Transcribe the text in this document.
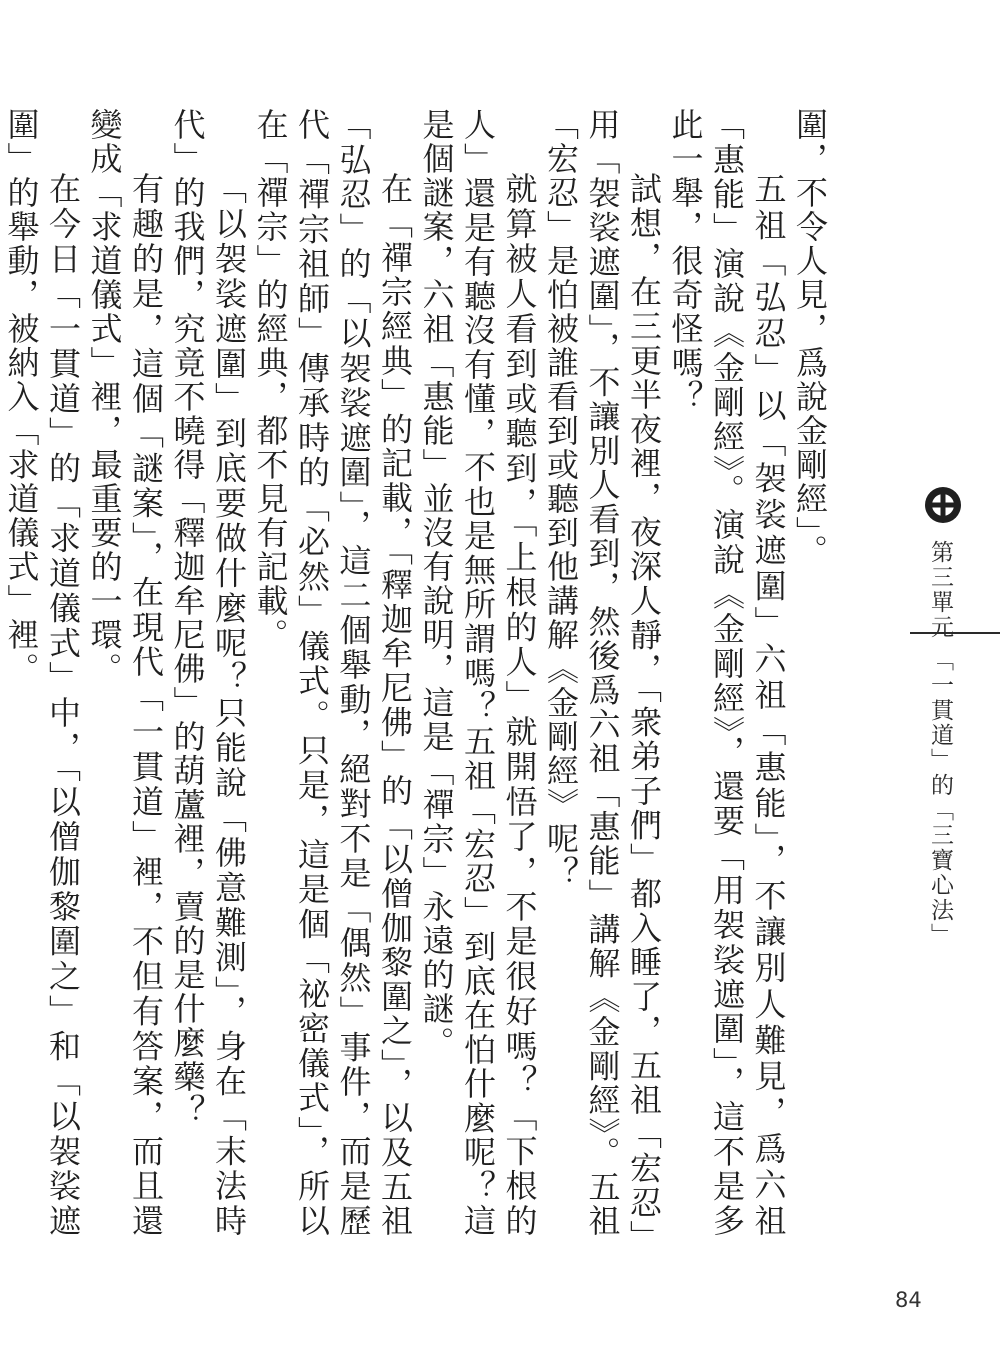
圍，不令人見，爲說金剛經」。

五祖「弘忍」以「袈裟遮圍」六祖「惠能」，不讓別人難見，爲六祖「惠能」演說《金剛經》。演說《金剛經》，還要「用袈裟遮圍」，這不是多此一舉，很奇怪嗎？

試想，在三更半夜裡，夜深人靜，「衆弟子們」都入睡了，五祖「宏忍」用「袈裟遮圍」，不讓別人看到，然後爲六祖「惠能」講解《金剛經》。五祖「宏忍」是怕被誰看到或聽到他講解《金剛經》呢？

就算被人看到或聽到，「上根的人」就開悟了，不是很好嗎？「下根的人」還是有聽沒有懂，不也是無所謂嗎？五祖「宏忍」到底在怕什麼呢？這是個謎案，六祖「惠能」並沒有說明，這是「禪宗」永遠的謎。

在「禪宗經典」的記載，「釋迦牟尼佛」的「以僧伽黎圍之」，以及五祖「弘忍」的「以袈裟遮圍」，這二個舉動，絕對不是「偶然」事件，而是歷代「禪宗祖師」傳承時的「必然」儀式。只是，這是個「祕密儀式」，所以在「禪宗」的經典，都不見有記載。

「以袈裟遮圍」到底要做什麼呢？只能說「佛意難測」，身在「末法時代」的我們，究竟不曉得「釋迦牟尼佛」的葫蘆裡，賣的是什麼藥？

有趣的是，這個「謎案」，在現代「一貫道」裡，不但有答案，而且還變成「求道儀式」裡，最重要的一環。

在今日「一貫道」的「求道儀式」中，「以僧伽黎圍之」和「以袈裟遮圍」的舉動，被納入「求道儀式」裡。	第三單元
「一貫道」的「三寶心法」
84
